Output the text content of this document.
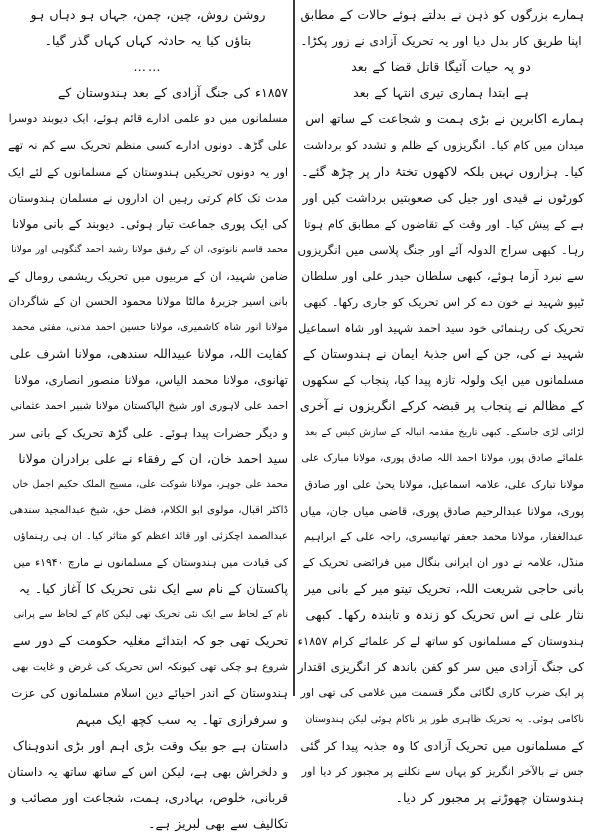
ہمارے بزرگوں کو ذہن نے بدلتے ہوئے حالات کے مطابق
اپنا طریق کار بدل دیا اور یہ تحریک آزادی نے زور پکڑا۔
دو پہ حیات آئیگا قاتل قضا کے بعد
ہے ابتدا ہماری تیری انتہا کے بعد
ہمارے اکابرین نے بڑی ہمت و شجاعت کے ساتھ اس
میدان میں کام کیا۔ انگریزوں کے ظلم و تشدد کو برداشت
کیا۔ ہزاروں نہیں بلکہ لاکھوں تختۂ دار پر چڑھ گئے۔
کورٹوں نے قیدی اور جیل کی صعوبتیں برداشت کیں اور
ہے کے پیش کیا۔ اور وقت کے تقاضوں کے مطابق کام ہوتا
رہا۔ کبھی سراج الدولہ آئے اور جنگ پلاسی میں انگریزوں
سے نبرد آزما ہوئے، کبھی سلطان حیدر علی اور سلطان
ٹیپو شہید نے خون دے کر اس تحریک کو جاری رکھا۔ کبھی
تحریک کی رہنمائی خود سید احمد شہید اور شاہ اسماعیل
شہید نے کی، جن کے اس جذبۂ ایمان نے ہندوستان کے
مسلمانوں میں ایک ولولہ تازہ پیدا کیا، پنجاب کے سکھوں
کے مظالم نے پنجاب پر قبضہ کرکے انگریزوں نے آخری
لڑائی لڑی جاسکے۔ کبھی تاریخ مقدمہ انبالہ کے سازش کیس کے بعد
علمائے صادق پور، مولانا احمد اللہ صادق پوری، مولانا مبارک علی
مولانا تبارک علی، علامہ اسماعیل، مولانا یحیٰ علی اور صادق
پوری، مولانا عبدالرحیم صادق پوری، قاضی میاں جان، میاں
عبدالغفار، مولانا محمد جعفر تھانیسری، راجہ علی کے ابراہیم
منڈل، علامہ نے دور ان ایرانی بنگال میں فرائضی تحریک کے
بانی حاجی شریعت اللہ، تحریک تیتو میر کے بانی میر
نثار علی نے اس تحریک کو زندہ و تابندہ رکھا۔ کبھی
ہندوستان کے مسلمانوں کو ساتھ لے کر علمائے کرام ۱۸۵۷ء
کی جنگ آزادی میں سر کو کفن باندھ کر انگریزی اقتدار
پر ایک ضرب کاری لگائی مگر قسمت میں غلامی کی تھی اور
ناکامی ہوئی۔ یہ تحریک ظاہری طور پر ناکام ہوئی لیکن ہندوستان
کے مسلمانوں میں تحریک آزادی کا وہ جذبہ پیدا کر گئی
جس نے بالآخر انگریز کو یہاں سے نکلنے پر مجبور کر دیا اور
ہندوستان چھوڑنے پر مجبور کر دیا۔
روشن روش، چین، چمن، جہاں ہو دہاں ہو
بتاؤں کیا یہ حادثہ کہاں کہاں گذر گیا۔
……
۱۸۵۷ء کی جنگ آزادی کے بعد ہندوستان کے
مسلمانوں میں دو علمی ادارے قائم ہوئے، ایک دیوبند دوسرا
علی گڑھ۔ دونوں ادارے کسی منظم تحریک سے کم نہ تھے
اور یہ دونوں تحریکیں ہندوستان کے مسلمانوں کے لئے ایک
مدت تک کام کرتی رہیں ان اداروں نے مسلمان ہندوستان
کی ایک پوری جماعت تیار ہوئی۔ دیوبند کے بانی مولانا
محمد قاسم نانوتوی، ان کے رفیق مولانا رشید احمد گنگوہی اور مولانا
ضامن شہید، ان کے مربیوں میں تحریک ریشمی رومال کے
بانی اسیر جزیرۂ مالٹا مولانا محمود الحسن ان کے شاگردان
مولانا انور شاہ کاشمیری، مولانا حسین احمد مدنی، مفتی محمد
کفایت اللہ، مولانا عبیداللہ سندھی، مولانا اشرف علی
تھانوی، مولانا محمد الیاس، مولانا منصور انصاری، مولانا
احمد علی لاہوری اور شیخ الپاکستان مولانا شبیر احمد عثمانی
و دیگر حضرات پیدا ہوئے۔ علی گڑھ تحریک کے بانی سر
سید احمد خان، ان کے رفقاء نے علی برادران مولانا
محمد علی جوہر، مولانا شوکت علی، مسیح الملک حکیم اجمل خاں
ڈاکٹر اقبال، مولوی ابو الکلام، فضل حق، شیخ عبدالمجید سندھی
عبدالصمد اچکزئی اور قائد اعظم کو متاثر کیا۔ ان ہی رہنماؤں
کی قیادت میں ہندوستان کے مسلمانوں نے مارچ ۱۹۴۰ء میں
پاکستان کے نام سے ایک نئی تحریک کا آغاز کیا۔ یہ
نام کے لحاظ سے ایک نئی تحریک تھی لیکن کام کے لحاظ سے پرانی
تحریک تھی جو کہ ابتدائے مغلیہ حکومت کے دور سے
شروع ہو چکی تھی کیونکہ اس تحریک کی غرض و غایت بھی
ہندوستان کے اندر احیائے دین اسلام مسلمانوں کی عزت
و سرفرازی تھا۔ یہ سب کچھ ایک مبہم
داستان ہے جو بیک وقت بڑی اہم اور بڑی اندوہناک
و دلخراش بھی ہے، لیکن اس کے ساتھ ساتھ یہ داستان
قربانی، خلوص، بہادری، ہمت، شجاعت اور مصائب و
تکالیف سے بھی لبریز ہے۔
